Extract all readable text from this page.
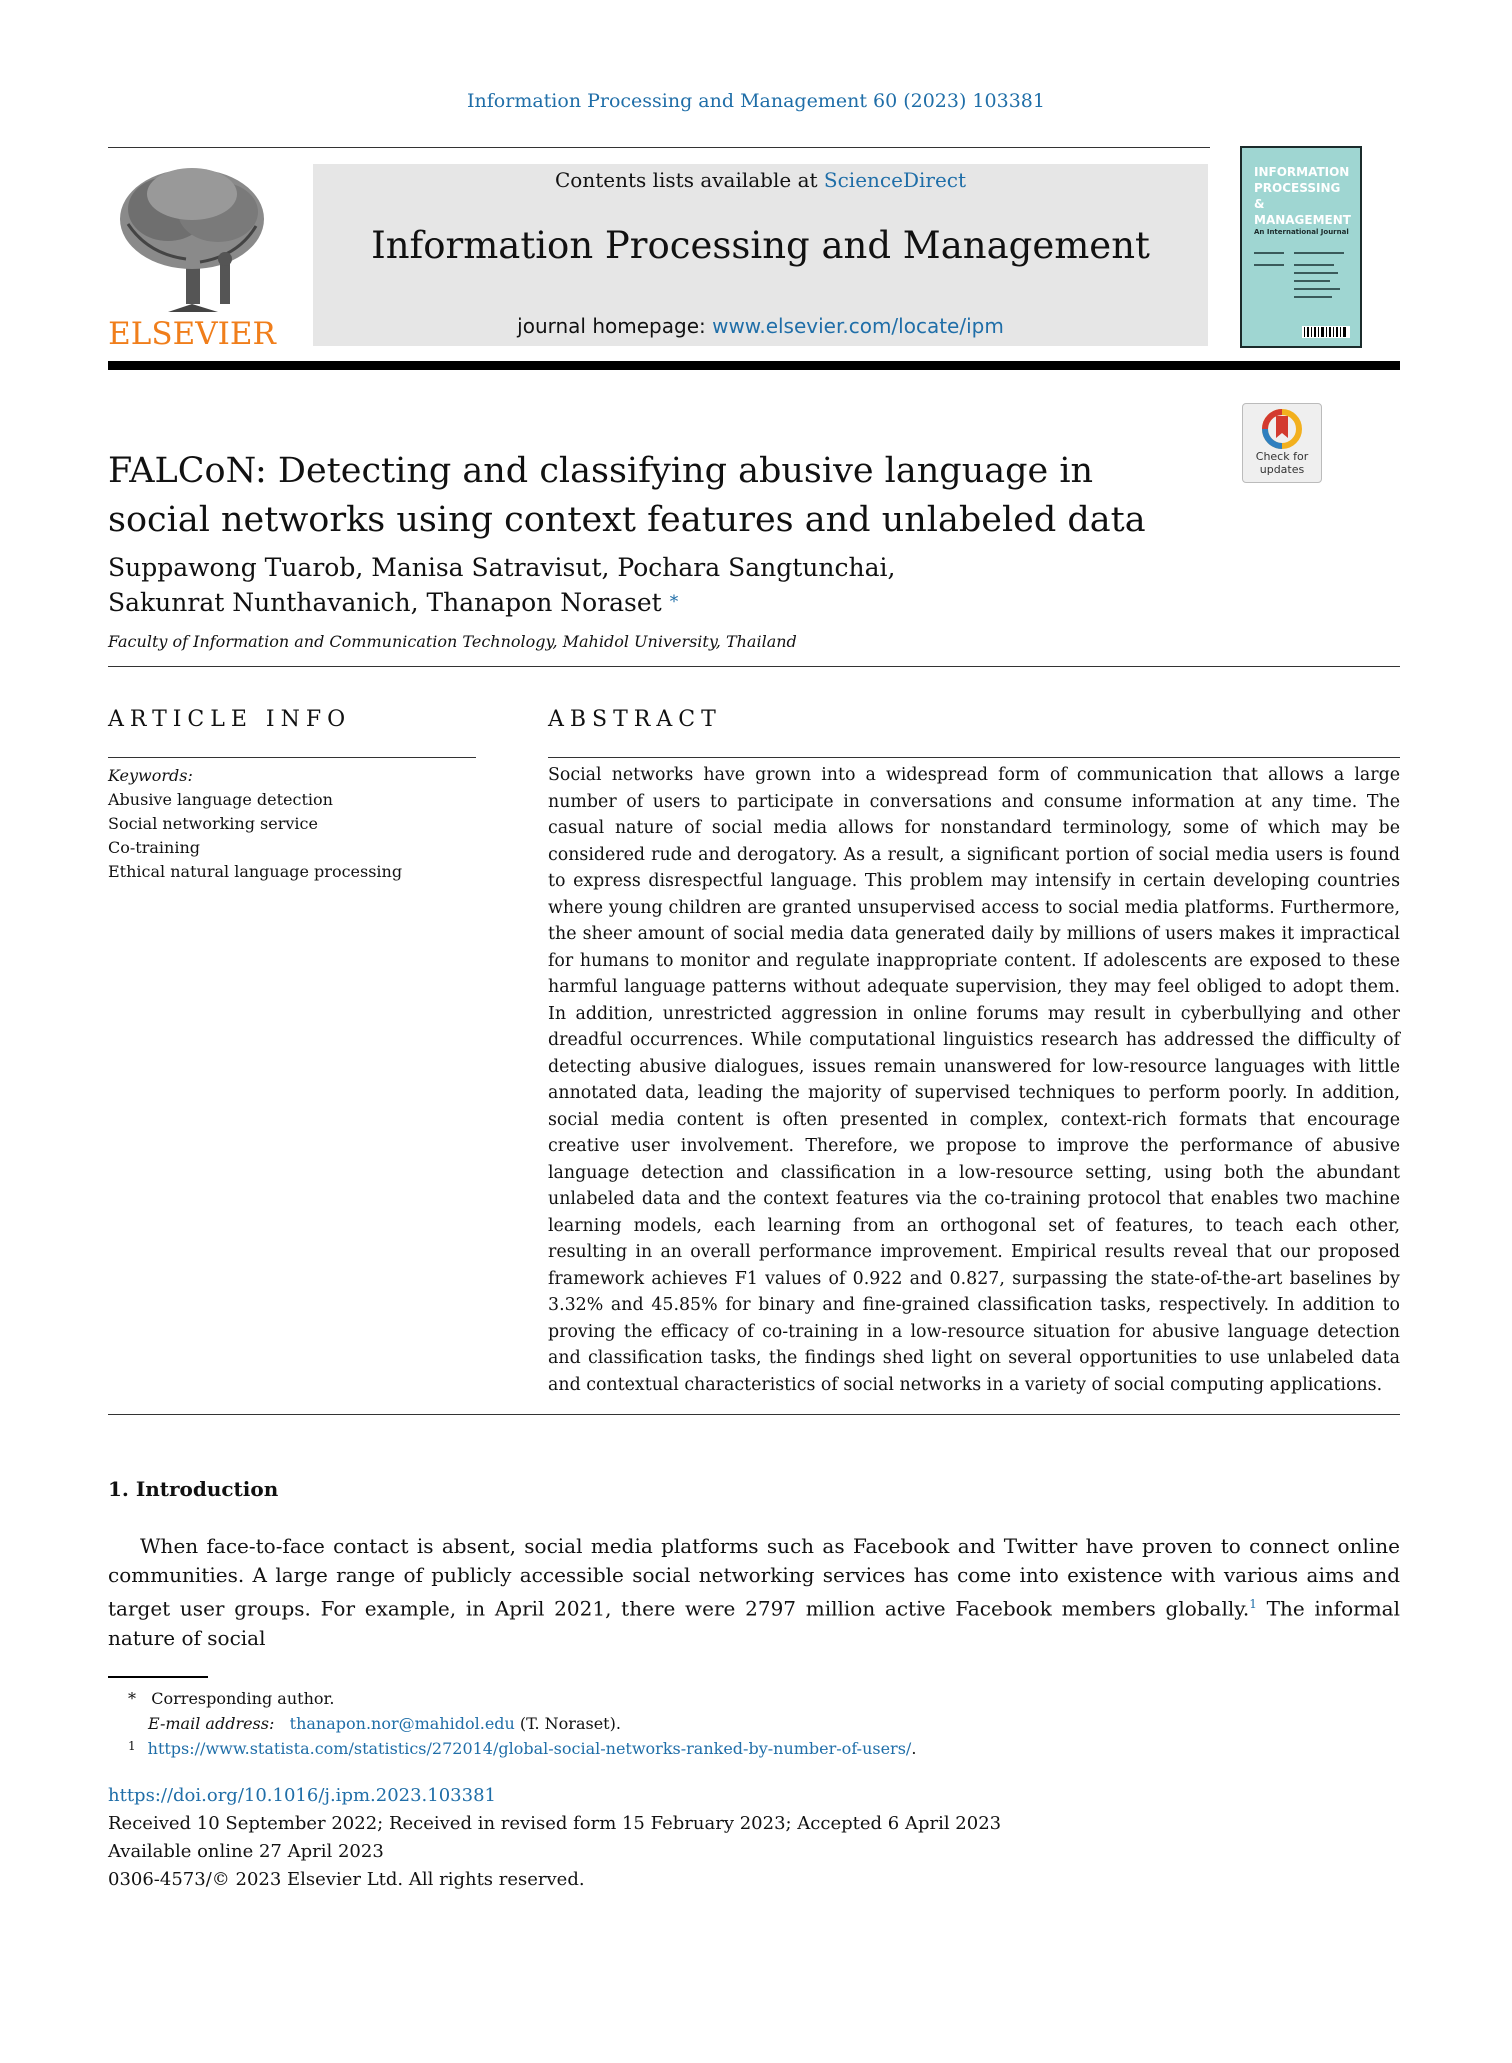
Information Processing and Management 60 (2023) 103381
ELSEVIER
Contents lists available at ScienceDirect
Information Processing and Management
journal homepage: www.elsevier.com/locate/ipm
INFORMATION
PROCESSING
&
MANAGEMENT
An International Journal
Check for
updates
FALCoN: Detecting and classifying abusive language in social networks using context features and unlabeled data
Suppawong Tuarob, Manisa Satravisut, Pochara Sangtunchai,
Sakunrat Nunthavanich, Thanapon Noraset *
Faculty of Information and Communication Technology, Mahidol University, Thailand
ARTICLE INFO
Keywords:
Abusive language detection
Social networking service
Co-training
Ethical natural language processing
ABSTRACT

Social networks have grown into a widespread form of communication that allows a large number of users to participate in conversations and consume information at any time. The casual nature of social media allows for nonstandard terminology, some of which may be considered rude and derogatory. As a result, a significant portion of social media users is found to express disrespectful language. This problem may intensify in certain developing countries where young children are granted unsupervised access to social media platforms. Furthermore, the sheer amount of social media data generated daily by millions of users makes it impractical for humans to monitor and regulate inappropriate content. If adolescents are exposed to these harmful language patterns without adequate supervision, they may feel obliged to adopt them. In addition, unrestricted aggression in online forums may result in cyberbullying and other dreadful occurrences. While computational linguistics research has addressed the difficulty of detecting abusive dialogues, issues remain unanswered for low-resource languages with little annotated data, leading the majority of supervised techniques to perform poorly. In addition, social media content is often presented in complex, context-rich formats that encourage creative user involvement. Therefore, we propose to improve the performance of abusive language detection and classification in a low-resource setting, using both the abundant unlabeled data and the context features via the co-training protocol that enables two machine learning models, each learning from an orthogonal set of features, to teach each other, resulting in an overall performance improvement. Empirical results reveal that our proposed framework achieves F1 values of 0.922 and 0.827, surpassing the state-of-the-art baselines by 3.32% and 45.85% for binary and fine-grained classification tasks, respectively. In addition to proving the efficacy of co-training in a low-resource situation for abusive language detection and classification tasks, the findings shed light on several opportunities to use unlabeled data and contextual characteristics of social networks in a variety of social computing applications.

1. Introduction

When face-to-face contact is absent, social media platforms such as Facebook and Twitter have proven to connect online communities. A large range of publicly accessible social networking services has come into existence with various aims and target user groups. For example, in April 2021, there were 2797 million active Facebook members globally.$^1$ The informal nature of social

* Corresponding author.
E-mail address: thanapon.nor@mahidol.edu (T. Noraset).
$^1$ https://www.statista.com/statistics/272014/global-social-networks-ranked-by-number-of-users/.
https://doi.org/10.1016/j.ipm.2023.103381
Received 10 September 2022; Received in revised form 15 February 2023; Accepted 6 April 2023
Available online 27 April 2023
0306-4573/© 2023 Elsevier Ltd. All rights reserved.
